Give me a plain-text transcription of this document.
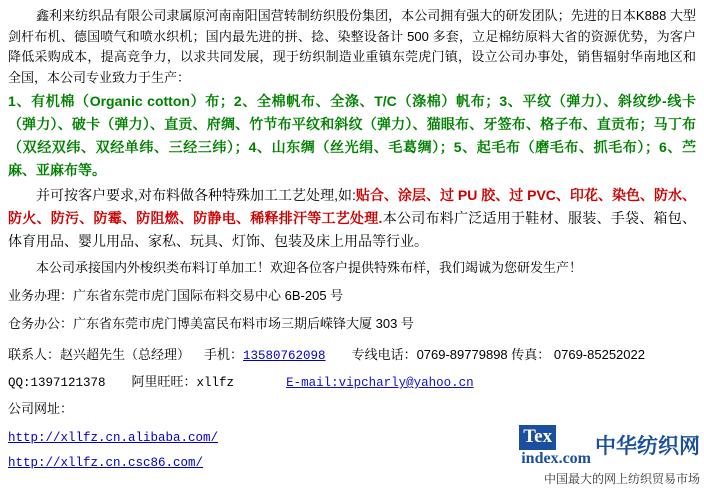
鑫利来纺织品有限公司隶属原河南南阳国营转制纺织股份集团，本公司拥有强大的研发团队；先进的日本K888 大型剑杆布机、德国喷气和喷水织机；国内最先进的拼、捻、染整设备计 500 多套，立足棉纺原料大省的资源优势，为客户降低采购成本，提高竞争力，以求共同发展，现于纺织制造业重镇东莞虎门镇，设立公司办事处，销售辐射华南地区和全国，本公司专业致力于生产：

1、有机棉（Organic cotton）布；2、全棉帆布、全涤、T/C（涤棉）帆布；3、平纹（弹力）、斜纹纱-线卡（弹力）、破卡（弹力）、直贡、府绸、竹节布平纹和斜纹（弹力）、猫眼布、牙签布、格子布、直贡布；马丁布（双经双纬、双经单纬、三经三纬）；4、山东绸（丝光绢、毛葛绸）；5、起毛布（磨毛布、抓毛布）；6、苎麻、亚麻布等。

并可按客户要求,对布料做各种特殊加工工艺处理,如:贴合、涂层、过 PU 胶、过 PVC、印花、染色、防水、防火、防污、防霉、防阻燃、防静电、稀释排汗等工艺处理.本公司布料广泛适用于鞋材、服装、手袋、箱包、体育用品、婴儿用品、家私、玩具、灯饰、包装及床上用品等行业。

本公司承接国内外梭织类布料订单加工！欢迎各位客户提供特殊布样，我们竭诚为您研发生产！

业务办理：广东省东莞市虎门国际布料交易中心 6B-205 号

仓务办公：广东省东莞市虎门博美富民布料市场三期后嵘锋大厦 303 号

联系人：赵兴超先生（总经理） 手机：13580762098 专线电话：0769-89779898 传真： 0769-85252022

QQ:1397121378 阿里旺旺：xllfz	E-mail:vipcharly@yahoo.cn

公司网址：

http://xllfz.cn.alibaba.com/
http://xllfz.cn.csc86.com/
Tex
index.com
中华纺织网
中国最大的网上纺织贸易市场
